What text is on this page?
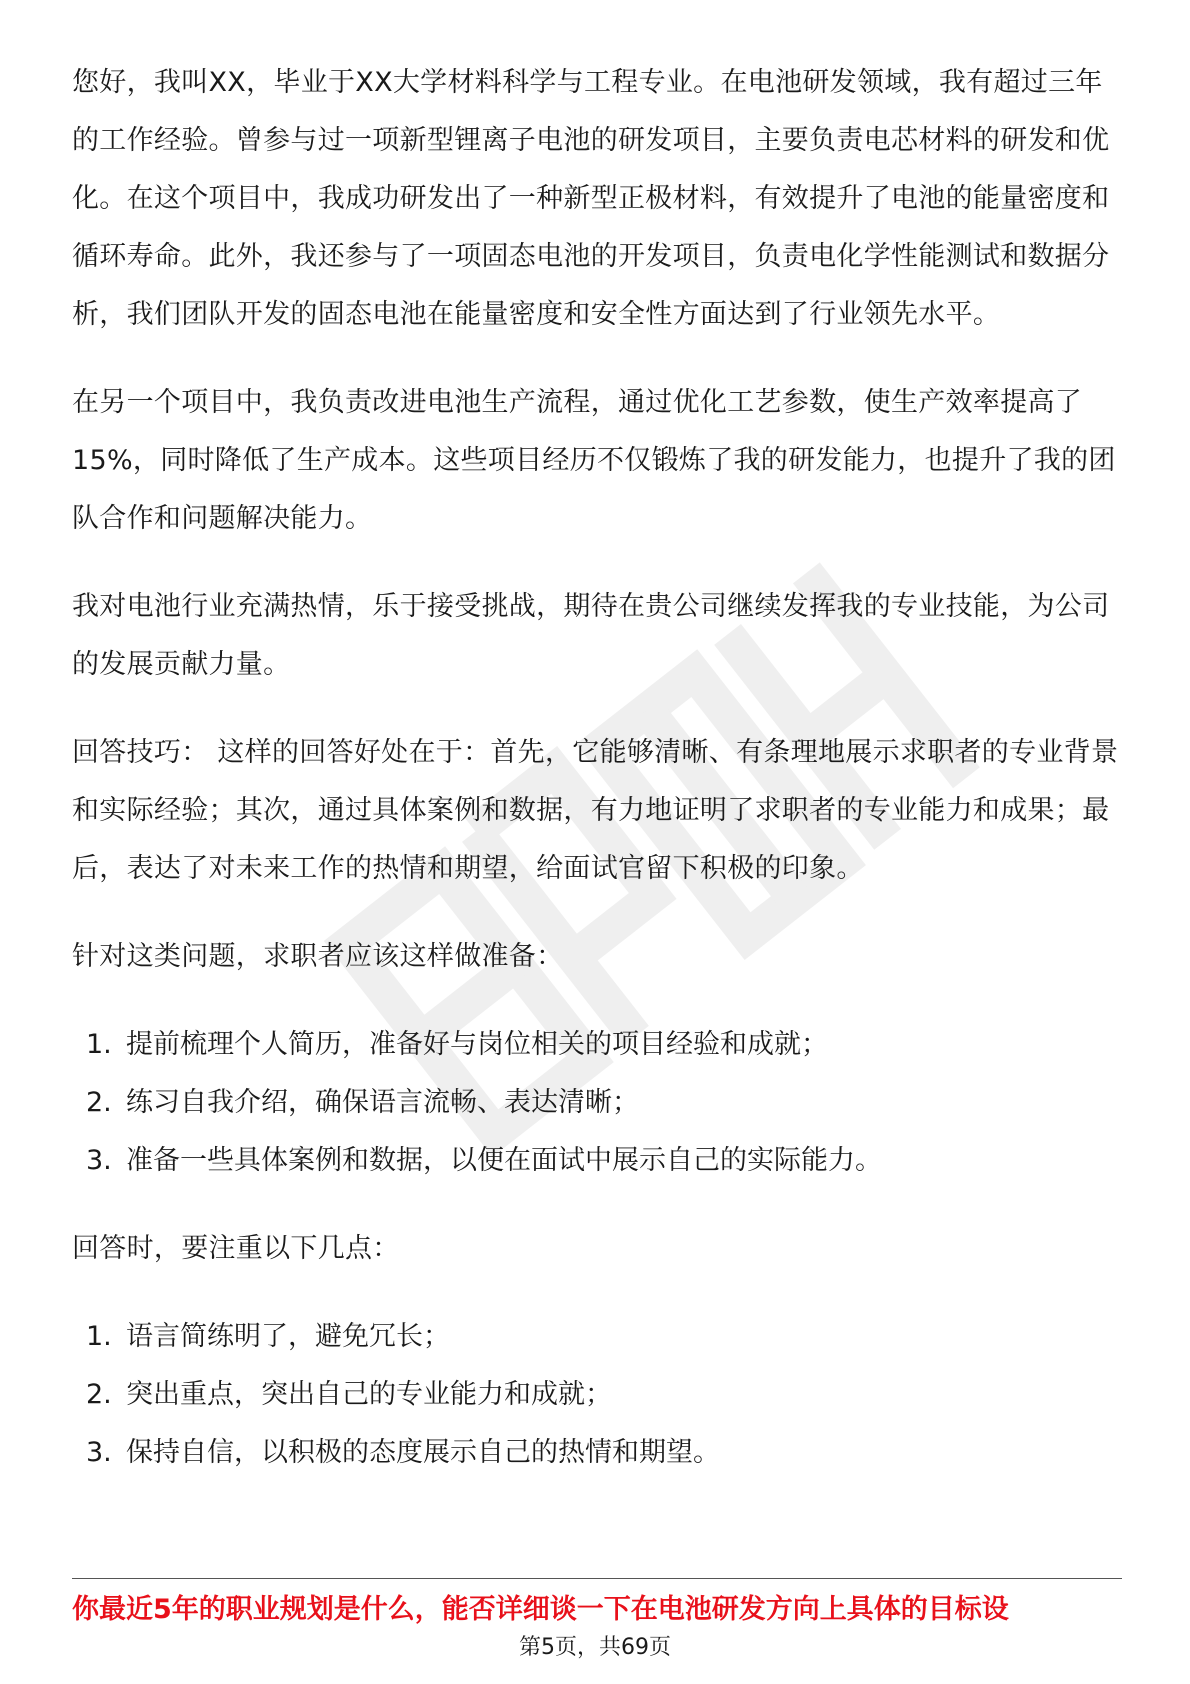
您好，我叫XX，毕业于XX大学材料科学与工程专业。在电池研发领域，我有超过三年的工作经验。曾参与过一项新型锂离子电池的研发项目，主要负责电芯材料的研发和优化。在这个项目中，我成功研发出了一种新型正极材料，有效提升了电池的能量密度和循环寿命。此外，我还参与了一项固态电池的开发项目，负责电化学性能测试和数据分析，我们团队开发的固态电池在能量密度和安全性方面达到了行业领先水平。

在另一个项目中，我负责改进电池生产流程，通过优化工艺参数，使生产效率提高了15%，同时降低了生产成本。这些项目经历不仅锻炼了我的研发能力，也提升了我的团队合作和问题解决能力。

我对电池行业充满热情，乐于接受挑战，期待在贵公司继续发挥我的专业技能，为公司的发展贡献力量。

回答技巧： 这样的回答好处在于：首先，它能够清晰、有条理地展示求职者的专业背景和实际经验；其次，通过具体案例和数据，有力地证明了求职者的专业能力和成果；最后，表达了对未来工作的热情和期望，给面试官留下积极的印象。

针对这类问题，求职者应该这样做准备：

1. 提前梳理个人简历，准备好与岗位相关的项目经验和成就；
2. 练习自我介绍，确保语言流畅、表达清晰；
3. 准备一些具体案例和数据，以便在面试中展示自己的实际能力。

回答时，要注重以下几点：

1. 语言简练明了，避免冗长；
2. 突出重点，突出自己的专业能力和成就；
3. 保持自信，以积极的态度展示自己的热情和期望。
你最近5年的职业规划是什么，能否详细谈一下在电池研发方向上具体的目标设
第5页，共69页
